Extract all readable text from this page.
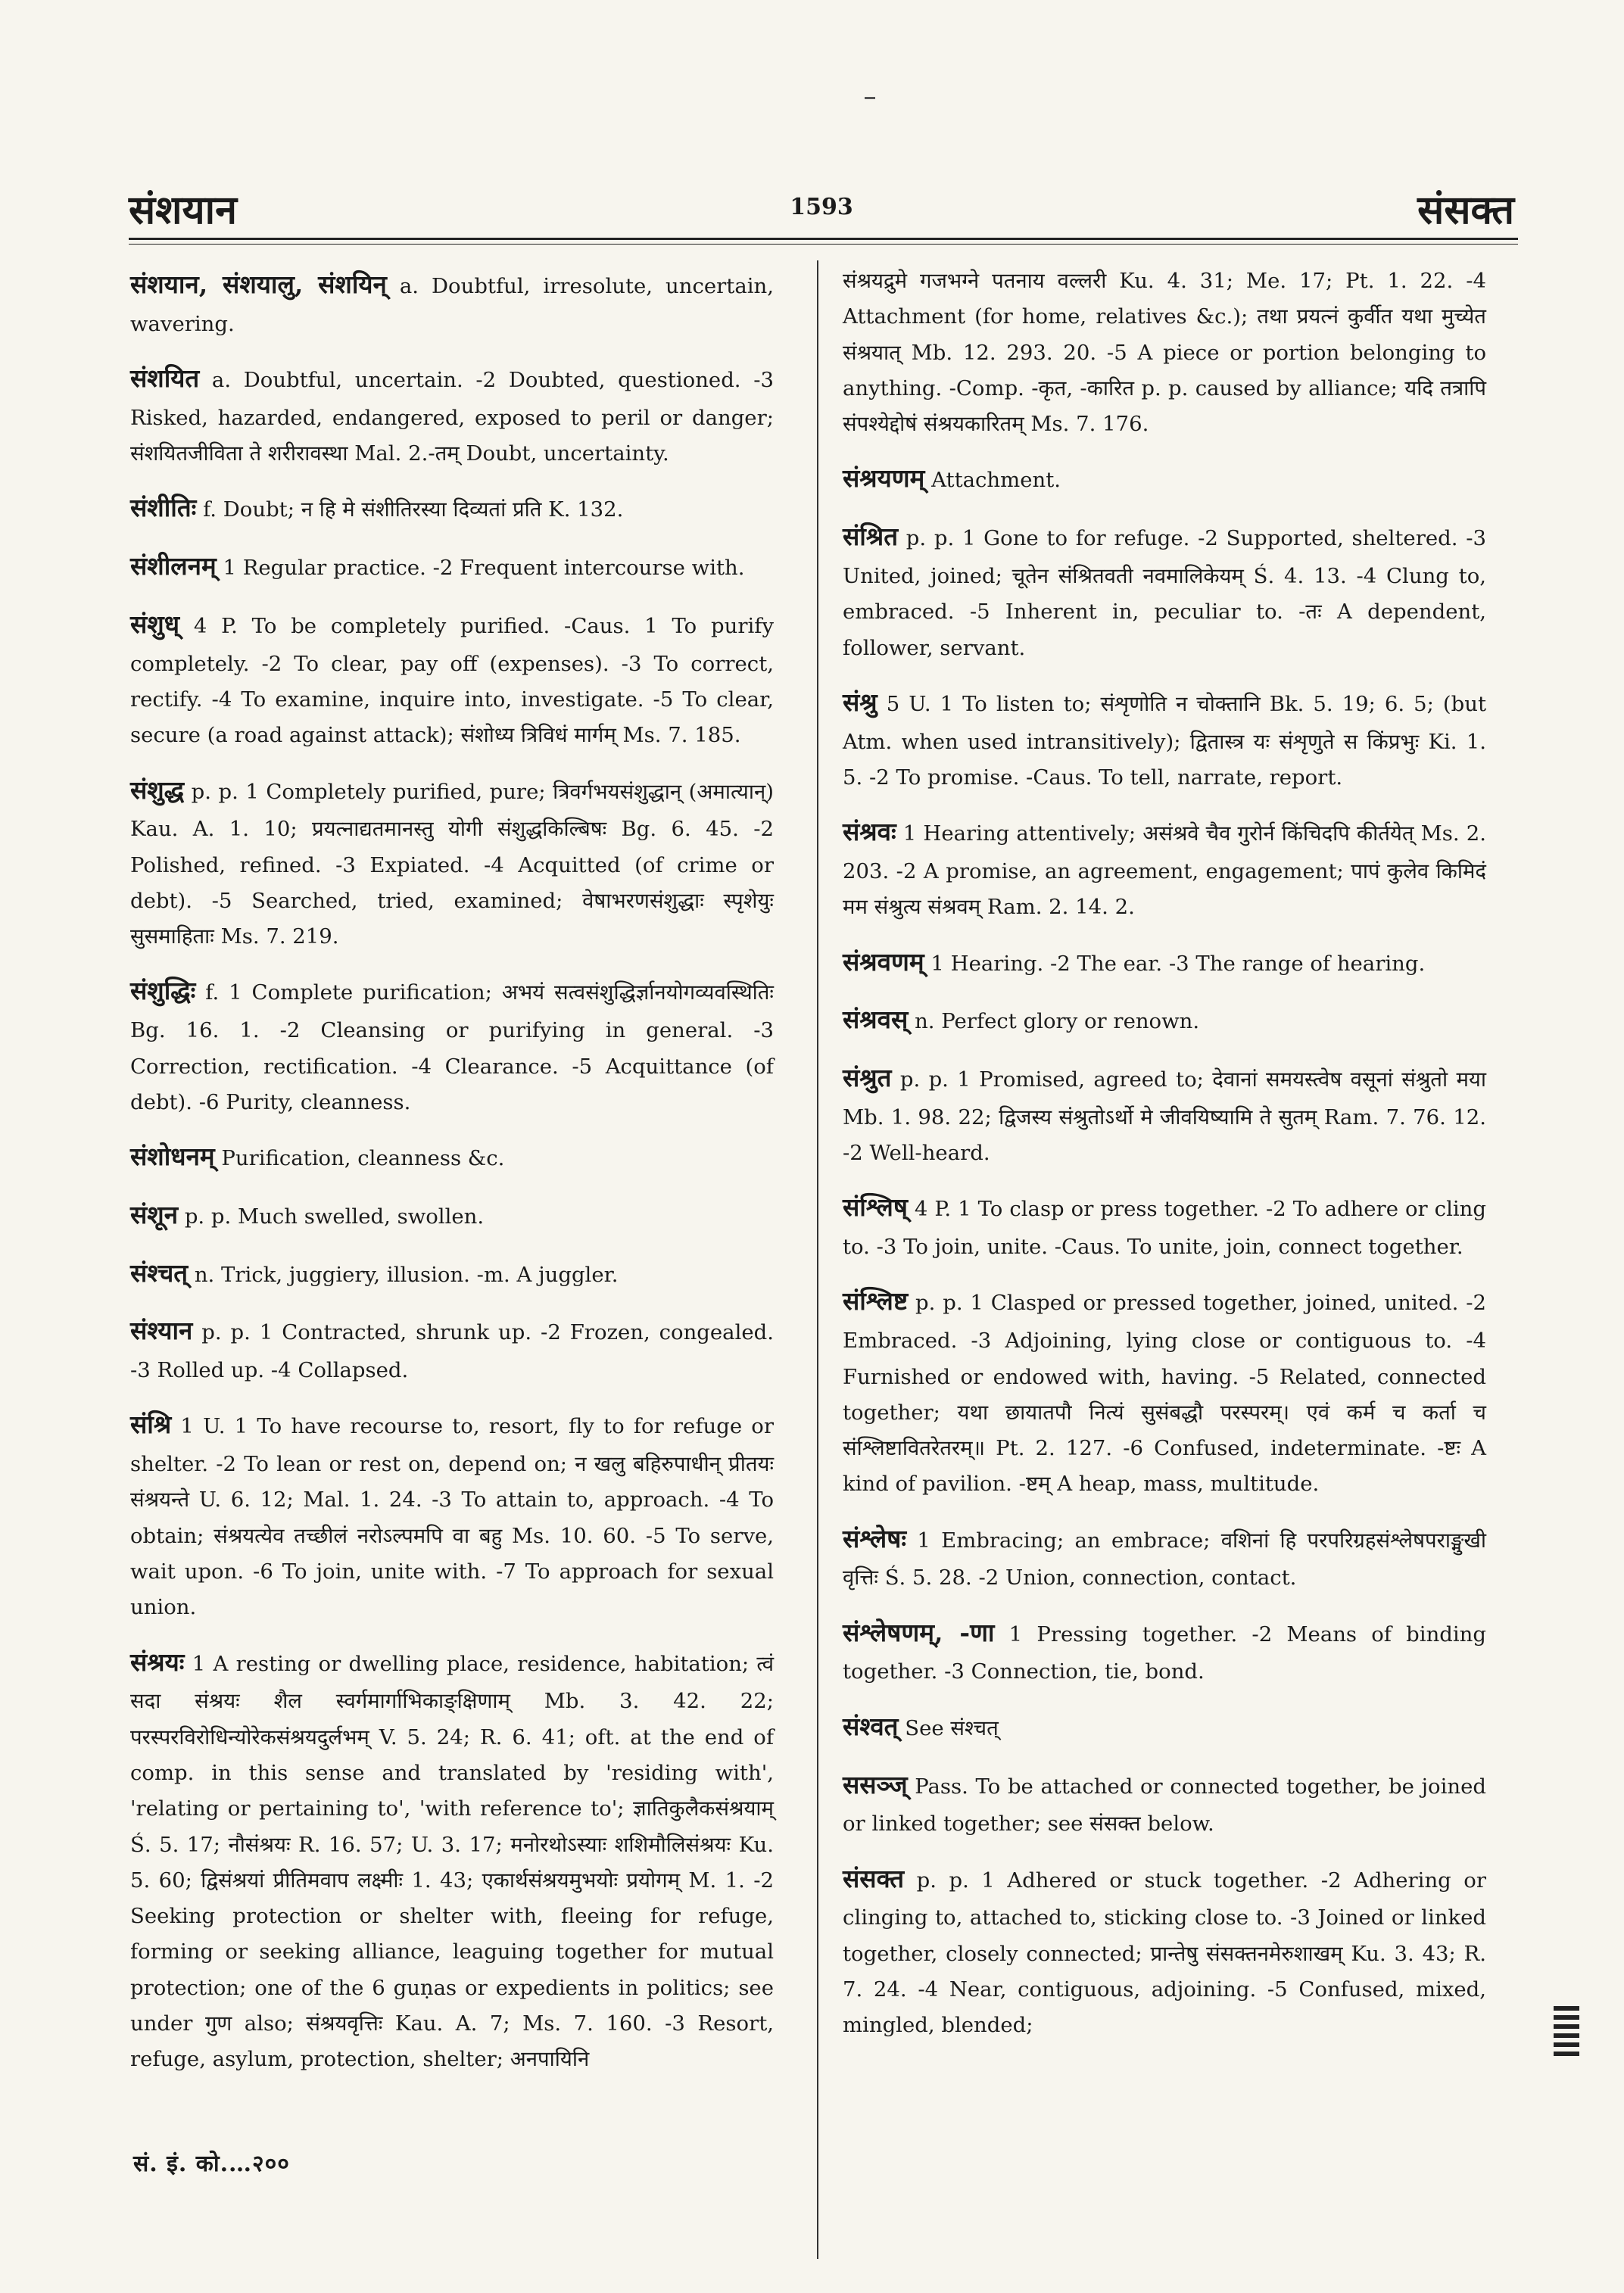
संशयान	1593	संसक्त

संशयान, संशयालु, संशयिन् a. Doubtful, irresolute, uncertain, wavering.

संशयित a. Doubtful, uncertain. -2 Doubted, questioned. -3 Risked, hazarded, endangered, exposed to peril or danger; संशयितजीविता ते शरीरावस्था Mal. 2.-तम् Doubt, uncertainty.

संशीतिः f. Doubt; न हि मे संशीतिरस्या दिव्यतां प्रति K. 132.

संशीलनम् 1 Regular practice. -2 Frequent intercourse with.

संशुध् 4 P. To be completely purified. -Caus. 1 To purify completely. -2 To clear, pay off (expenses). -3 To correct, rectify. -4 To examine, inquire into, investigate. -5 To clear, secure (a road against attack); संशोध्य त्रिविधं मार्गम् Ms. 7. 185.

संशुद्ध p. p. 1 Completely purified, pure; त्रिवर्गभयसंशुद्धान् (अमात्यान्) Kau. A. 1. 10; प्रयत्नाद्यतमानस्तु योगी संशुद्धकिल्बिषः Bg. 6. 45. -2 Polished, refined. -3 Expiated. -4 Acquitted (of crime or debt). -5 Searched, tried, examined; वेषाभरणसंशुद्धाः स्पृशेयुः सुसमाहिताः Ms. 7. 219.

संशुद्धिः f. 1 Complete purification; अभयं सत्वसंशुद्धिर्ज्ञानयोगव्यवस्थितिः Bg. 16. 1. -2 Cleansing or purifying in general. -3 Correction, rectification. -4 Clearance. -5 Acquittance (of debt). -6 Purity, cleanness.

संशोधनम् Purification, cleanness &c.

संशून p. p. Much swelled, swollen.

संश्चत् n. Trick, juggiery, illusion. -m. A juggler.

संश्यान p. p. 1 Contracted, shrunk up. -2 Frozen, congealed. -3 Rolled up. -4 Collapsed.

संश्रि 1 U. 1 To have recourse to, resort, fly to for refuge or shelter. -2 To lean or rest on, depend on; न खलु बहिरुपाधीन् प्रीतयः संश्रयन्ते U. 6. 12; Mal. 1. 24. -3 To attain to, approach. -4 To obtain; संश्रयत्येव तच्छीलं नरोऽल्पमपि वा बहु Ms. 10. 60. -5 To serve, wait upon. -6 To join, unite with. -7 To approach for sexual union.

संश्रयः 1 A resting or dwelling place, residence, habitation; त्वं सदा संश्रयः शैल स्वर्गमार्गाभिकाङ्क्षिणाम् Mb. 3. 42. 22; परस्परविरोधिन्योरेकसंश्रयदुर्लभम् V. 5. 24; R. 6. 41; oft. at the end of comp. in this sense and translated by 'residing with', 'relating or pertaining to', 'with reference to'; ज्ञातिकुलैकसंश्रयाम् Ś. 5. 17; नौसंश्रयः R. 16. 57; U. 3. 17; मनोरथोऽस्याः शशिमौलिसंश्रयः Ku. 5. 60; द्विसंश्रयां प्रीतिमवाप लक्ष्मीः 1. 43; एकार्थसंश्रयमुभयोः प्रयोगम् M. 1. -2 Seeking protection or shelter with, fleeing for refuge, forming or seeking alliance, leaguing together for mutual protection; one of the 6 guṇas or expedients in politics; see under गुण also; संश्रयवृत्तिः Kau. A. 7; Ms. 7. 160. -3 Resort, refuge, asylum, protection, shelter; अनपायिनि

संश्रयद्रुमे गजभग्ने पतनाय वल्लरी Ku. 4. 31; Me. 17; Pt. 1. 22. -4 Attachment (for home, relatives &c.); तथा प्रयत्नं कुर्वीत यथा मुच्येत संश्रयात् Mb. 12. 293. 20. -5 A piece or portion belonging to anything. -Comp. -कृत, -कारित p. p. caused by alliance; यदि तत्रापि संपश्येद्दोषं संश्रयकारितम् Ms. 7. 176.

संश्रयणम् Attachment.

संश्रित p. p. 1 Gone to for refuge. -2 Supported, sheltered. -3 United, joined; चूतेन संश्रितवती नवमालिकेयम् Ś. 4. 13. -4 Clung to, embraced. -5 Inherent in, peculiar to. -तः A dependent, follower, servant.

संश्रु 5 U. 1 To listen to; संशृणोति न चोक्तानि Bk. 5. 19; 6. 5; (but Atm. when used intransitively); द्वितास्त्र यः संशृणुते स किंप्रभुः Ki. 1. 5. -2 To promise. -Caus. To tell, narrate, report.

संश्रवः 1 Hearing attentively; असंश्रवे चैव गुरोर्न किंचिदपि कीर्तयेत् Ms. 2. 203. -2 A promise, an agreement, engagement; पापं कुलेव किमिदं मम संश्रुत्य संश्रवम् Ram. 2. 14. 2.

संश्रवणम् 1 Hearing. -2 The ear. -3 The range of hearing.

संश्रवस् n. Perfect glory or renown.

संश्रुत p. p. 1 Promised, agreed to; देवानां समयस्त्वेष वसूनां संश्रुतो मया Mb. 1. 98. 22; द्विजस्य संश्रुतोऽर्थो मे जीवयिष्यामि ते सुतम् Ram. 7. 76. 12. -2 Well-heard.

संश्लिष् 4 P. 1 To clasp or press together. -2 To adhere or cling to. -3 To join, unite. -Caus. To unite, join, connect together.

संश्लिष्ट p. p. 1 Clasped or pressed together, joined, united. -2 Embraced. -3 Adjoining, lying close or contiguous to. -4 Furnished or endowed with, having. -5 Related, connected together; यथा छायातपौ नित्यं सुसंबद्धौ परस्परम्। एवं कर्म च कर्ता च संश्लिष्टावितरेतरम्॥ Pt. 2. 127. -6 Confused, indeterminate. -ष्टः A kind of pavilion. -ष्टम् A heap, mass, multitude.

संश्लेषः 1 Embracing; an embrace; वशिनां हि परपरिग्रहसंश्लेषपराङ्मुखी वृत्तिः Ś. 5. 28. -2 Union, connection, contact.

संश्लेषणम्, -णा 1 Pressing together. -2 Means of binding together. -3 Connection, tie, bond.

संश्वत् See संश्चत्

ससञ्ज् Pass. To be attached or connected together, be joined or linked together; see संसक्त below.

संसक्त p. p. 1 Adhered or stuck together. -2 Adhering or clinging to, attached to, sticking close to. -3 Joined or linked together, closely connected; प्रान्तेषु संसक्तनमेरुशाखम् Ku. 3. 43; R. 7. 24. -4 Near, contiguous, adjoining. -5 Confused, mixed, mingled, blended;

सं. इं. को.…२००
